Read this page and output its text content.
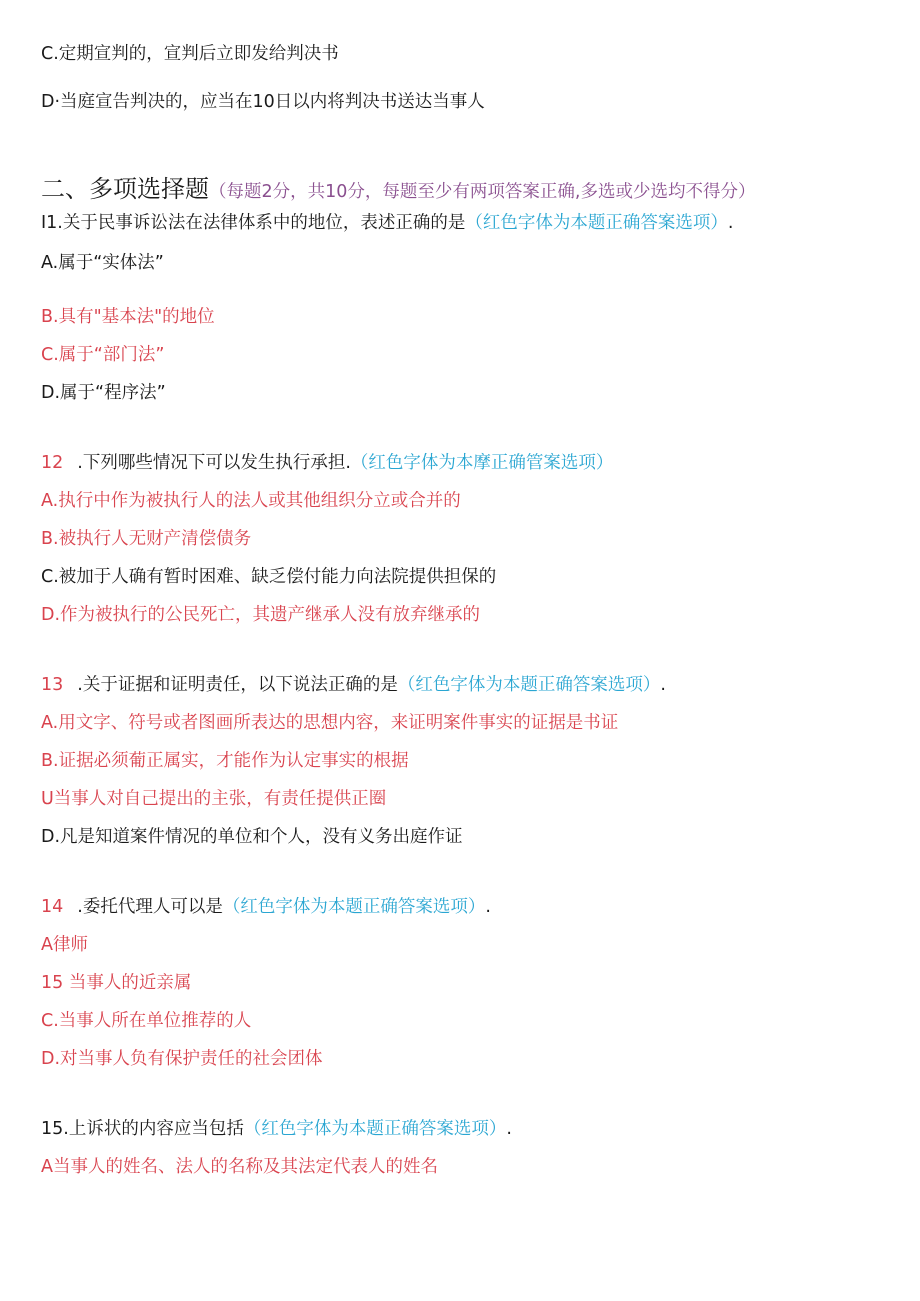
C.定期宣判的，宣判后立即发给判决书
D·当庭宣告判决的，应当在10日以内将判决书送达当事人
二、多项选择题（每题2分，共10分，每题至少有两项答案正确,多选或少选均不得分）
I1.关于民事诉讼法在法律体系中的地位，表述正确的是（红色字体为本题正确答案选项）.
A.属于“实体法”
B.具有"基本法"的地位
C.属于“部门法”
D.属于“程序法”
12 .下列哪些情况下可以发生执行承担.（红色字体为本摩正确管案选项）
A.执行中作为被执行人的法人或其他组织分立或合并的
B.被执行人无财产清偿债务
C.被加于人确有暂时困难、缺乏偿付能力向法院提供担保的
D.作为被执行的公民死亡，其遗产继承人没有放弃继承的
13 .关于证据和证明责任，以下说法正确的是（红色字体为本题正确答案选项）.
A.用文字、符号或者图画所表达的思想内容，来证明案件事实的证据是书证
B.证据必须葡正属实，才能作为认定事实的根据
U当事人对自己提出的主张，有责任提供正圈
D.凡是知道案件情况的单位和个人，没有义务出庭作证
14 .委托代理人可以是（红色字体为本题正确答案选项）.
A律师
15 当事人的近亲属
C.当事人所在单位推荐的人
D.对当事人负有保护责任的社会团体
15.上诉状的内容应当包括（红色字体为本题正确答案选项）.
A当事人的姓名、法人的名称及其法定代表人的姓名
